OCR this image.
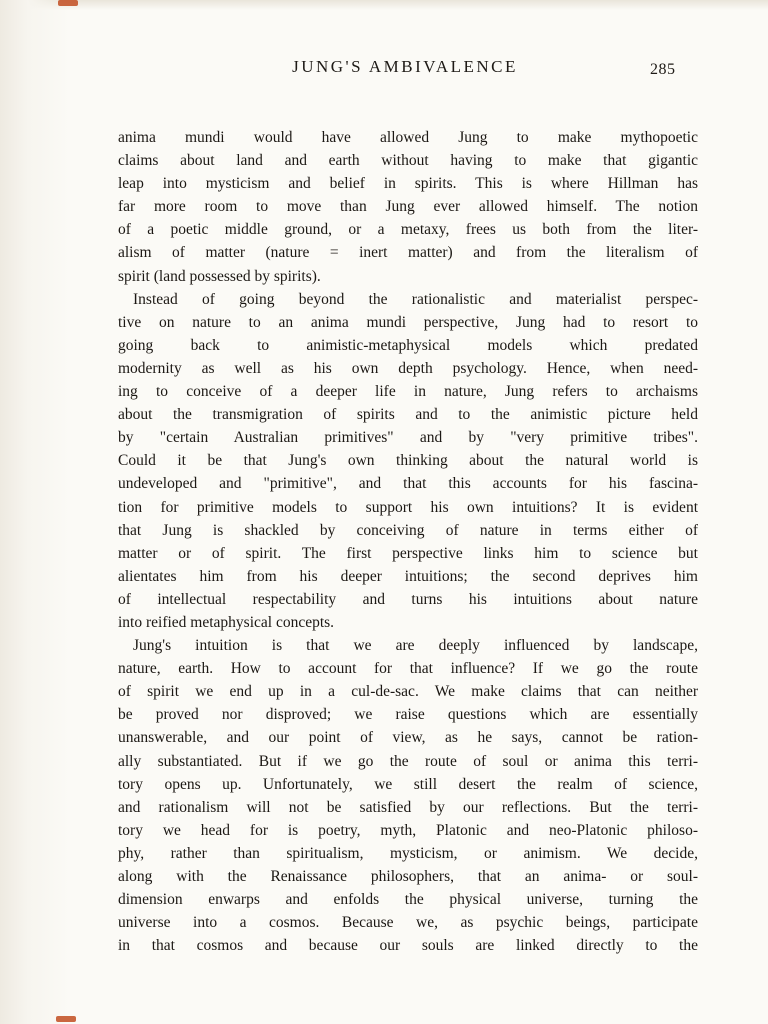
JUNG'S AMBIVALENCE	285
anima mundi would have allowed Jung to make mythopoetic
claims about land and earth without having to make that gigantic
leap into mysticism and belief in spirits. This is where Hillman has
far more room to move than Jung ever allowed himself. The notion
of a poetic middle ground, or a metaxy, frees us both from the liter-
alism of matter (nature = inert matter) and from the literalism of
spirit (land possessed by spirits).
Instead of going beyond the rationalistic and materialist perspec-
tive on nature to an anima mundi perspective, Jung had to resort to
going back to animistic-metaphysical models which predated
modernity as well as his own depth psychology. Hence, when need-
ing to conceive of a deeper life in nature, Jung refers to archaisms
about the transmigration of spirits and to the animistic picture held
by "certain Australian primitives" and by "very primitive tribes".
Could it be that Jung's own thinking about the natural world is
undeveloped and "primitive", and that this accounts for his fascina-
tion for primitive models to support his own intuitions? It is evident
that Jung is shackled by conceiving of nature in terms either of
matter or of spirit. The first perspective links him to science but
alientates him from his deeper intuitions; the second deprives him
of intellectual respectability and turns his intuitions about nature
into reified metaphysical concepts.
Jung's intuition is that we are deeply influenced by landscape,
nature, earth. How to account for that influence? If we go the route
of spirit we end up in a cul-de-sac. We make claims that can neither
be proved nor disproved; we raise questions which are essentially
unanswerable, and our point of view, as he says, cannot be ration-
ally substantiated. But if we go the route of soul or anima this terri-
tory opens up. Unfortunately, we still desert the realm of science,
and rationalism will not be satisfied by our reflections. But the terri-
tory we head for is poetry, myth, Platonic and neo-Platonic philoso-
phy, rather than spiritualism, mysticism, or animism. We decide,
along with the Renaissance philosophers, that an anima- or soul-
dimension enwarps and enfolds the physical universe, turning the
universe into a cosmos. Because we, as psychic beings, participate
in that cosmos and because our souls are linked directly to the
